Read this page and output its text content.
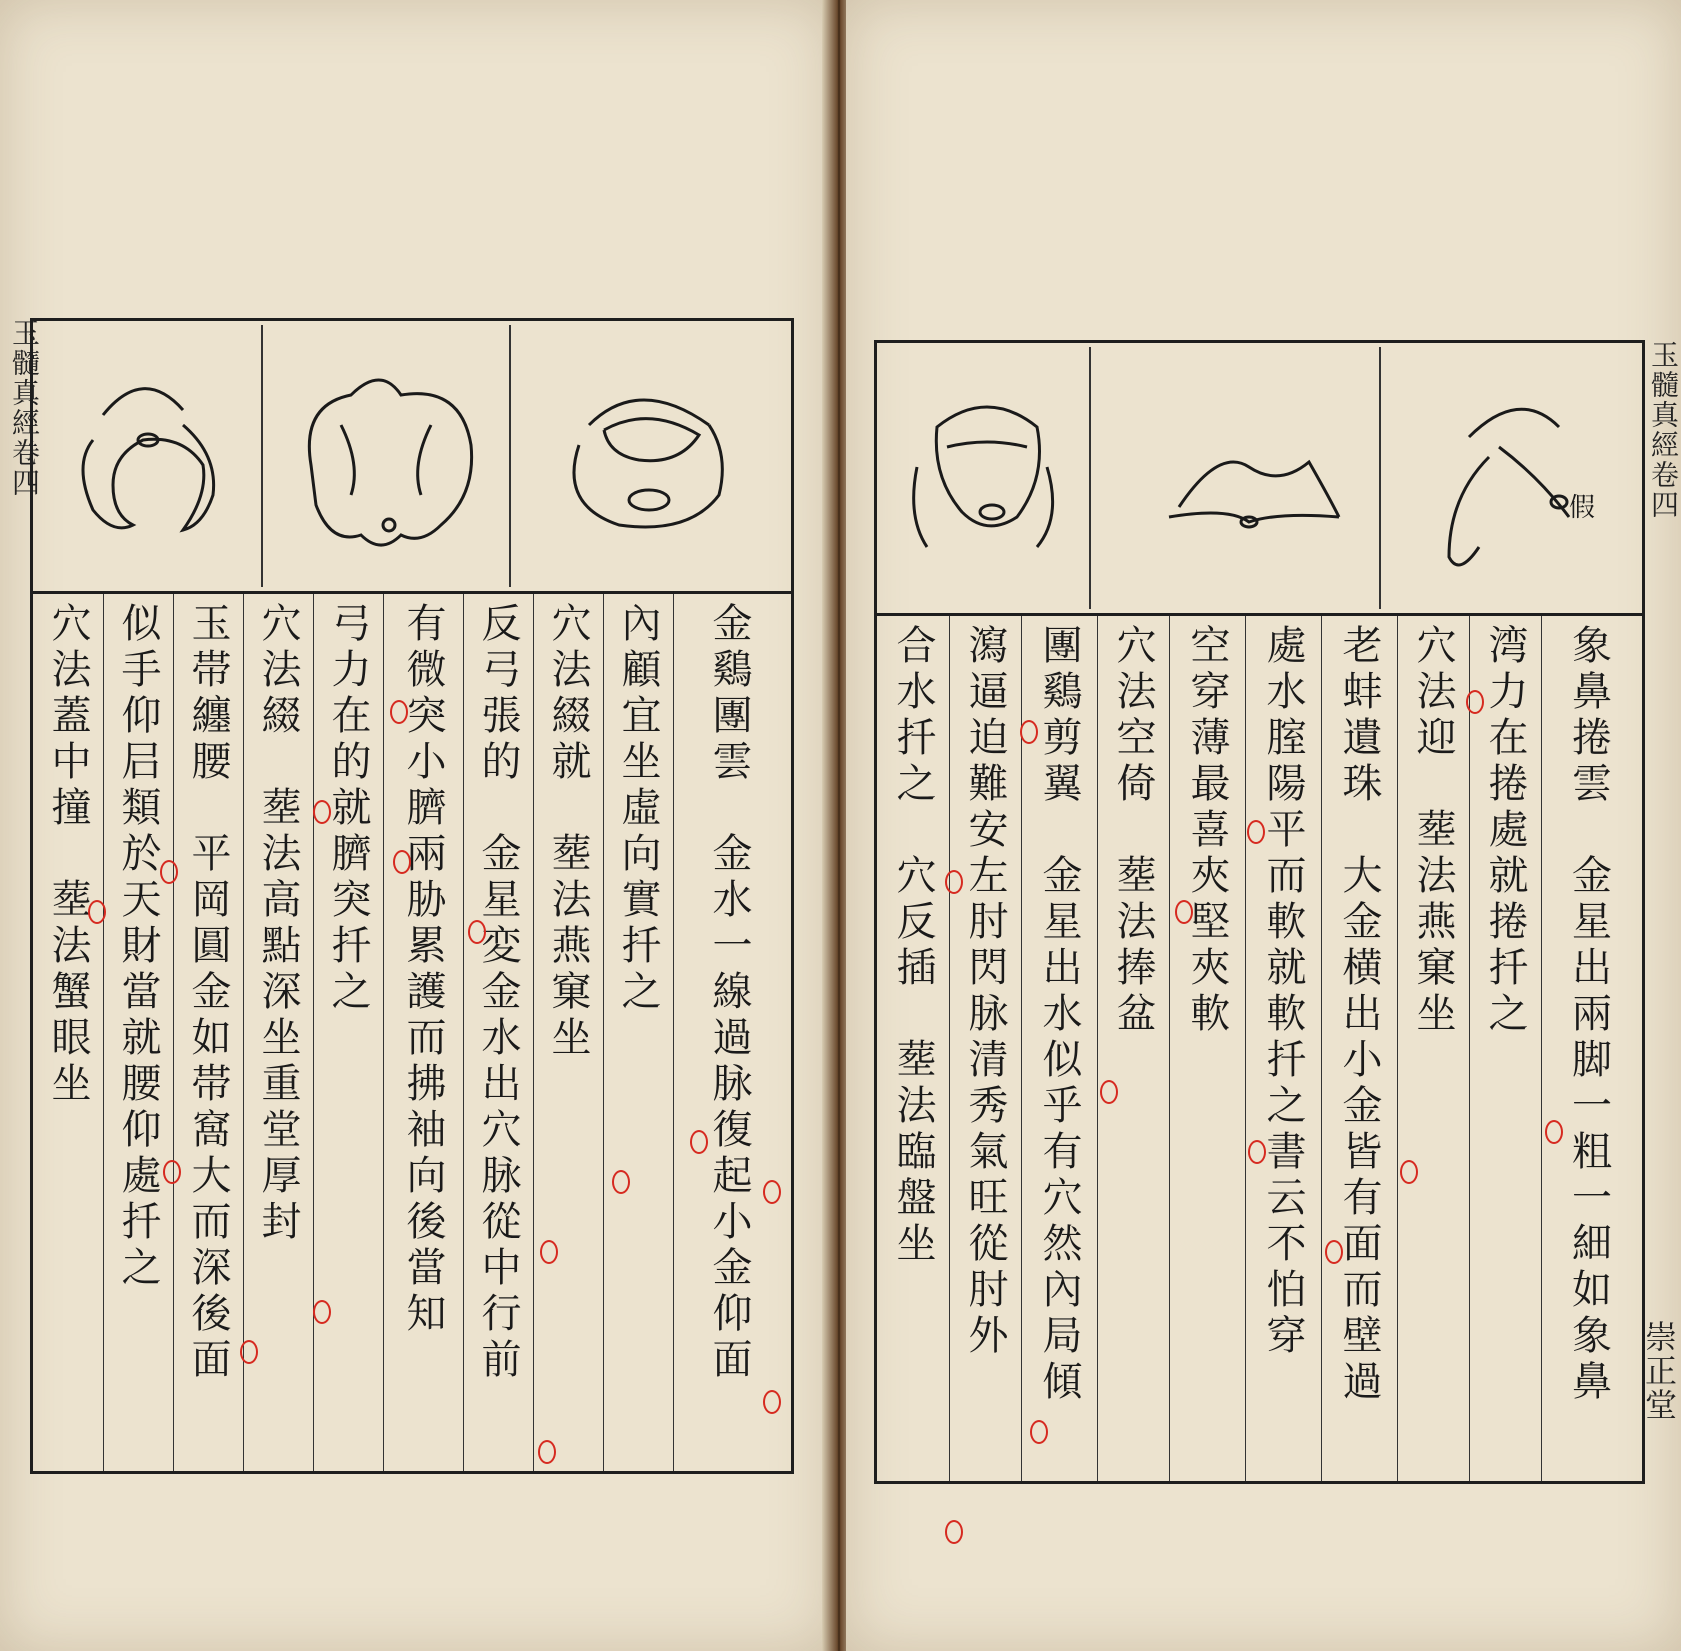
玉髓真經卷四
穴法蓋中撞　塟法蟹眼坐 似手仰𡰪類於天財當就腰仰處扦之 玉帯纏腰　平岡圓金如帯窩大而深後面 穴法綴　塟法高點深坐重堂厚封 弓力在的就臍突扦之 有微突小臍兩胁累護而拂袖向後當知 反弓張的　金星変金水出穴脉從中行前 穴法綴就　塟法燕窠坐 內顧宜坐虛向實扦之 金鷄團雲　金水一線過脉復起小金仰面
假
合水扦之　穴反插　塟法臨盤坐 瀉逼迫難安左肘閃脉清秀氣旺從肘外 團鷄剪翼　金星出水似乎有穴然內局傾 穴法空倚　塟法捧盆 空穿薄最喜夾堅夾軟 處水腟陽平而軟就軟扦之書云不怕穿 老蚌遺珠　大金横出小金皆有面而壁過 穴法迎　塟法燕窠坐 湾力在捲處就捲扦之 象鼻捲雲　金星出兩脚一粗一細如象鼻
玉髓真經卷四
崇正堂
